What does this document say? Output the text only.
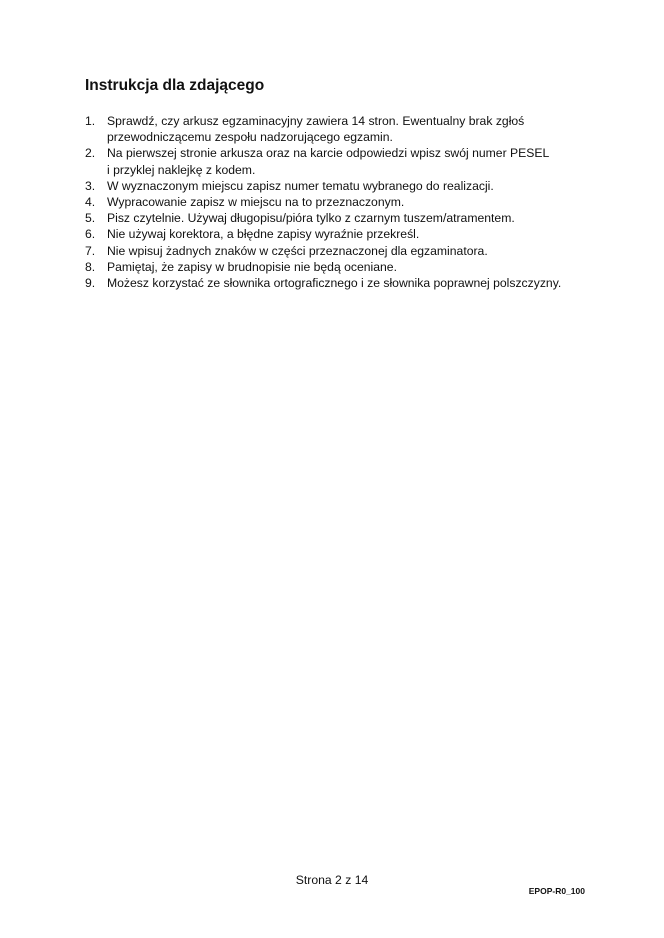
Instrukcja dla zdającego
1. Sprawdź, czy arkusz egzaminacyjny zawiera 14 stron. Ewentualny brak zgłoś
przewodniczącemu zespołu nadzorującego egzamin.
2. Na pierwszej stronie arkusza oraz na karcie odpowiedzi wpisz swój numer PESEL
i przyklej naklejkę z kodem.
3. W wyznaczonym miejscu zapisz numer tematu wybranego do realizacji.
4. Wypracowanie zapisz w miejscu na to przeznaczonym.
5. Pisz czytelnie. Używaj długopisu/pióra tylko z czarnym tuszem/atramentem.
6. Nie używaj korektora, a błędne zapisy wyraźnie przekreśl.
7. Nie wpisuj żadnych znaków w części przeznaczonej dla egzaminatora.
8. Pamiętaj, że zapisy w brudnopisie nie będą oceniane.
9. Możesz korzystać ze słownika ortograficznego i ze słownika poprawnej polszczyzny.
Strona 2 z 14
EPOP-R0_100
